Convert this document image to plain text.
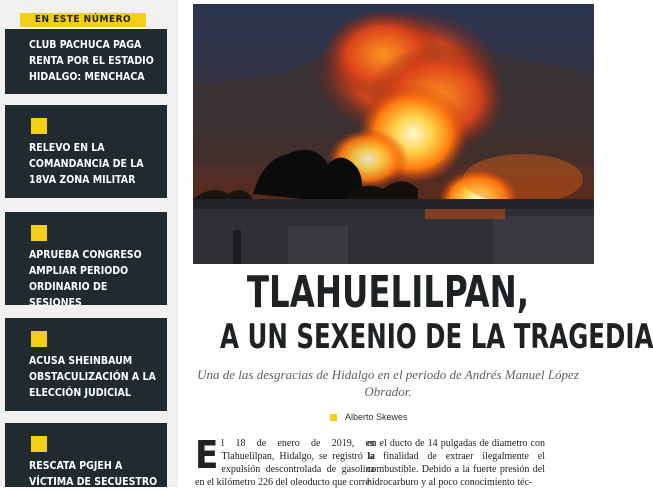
EN ESTE NÚMERO
CLUB PACHUCA PAGA RENTA POR EL ESTADIO HIDALGO: MENCHACA
RELEVO EN LA COMANDANCIA DE LA 18VA ZONA MILITAR
APRUEBA CONGRESO AMPLIAR PERIODO ORDINARIO DE SESIONES
ACUSA SHEINBAUM OBSTACULIZACIÓN A LA ELECCIÓN JUDICIAL
RESCATA PGJEH A VÍCTIMA DE SECUESTRO
TLAHUELILPAN,
A UN SEXENIO DE LA TRAGEDIA
Una de las desgracias de Hidalgo en el periodo de Andrés Manuel López Obrador.
Alberto Skewes
El 18 de enero de 2019, en Tlahuelilpan, Hidalgo, se registró la expulsión descontrolada de gasolina en el kilómetro 226 del oleoducto que corre
en el ducto de 14 pulgadas de diametro con la finalidad de extraer ilegalmente el combustible. Debido a la fuerte presión del hidrocarburo y al poco conocimiento téc-
